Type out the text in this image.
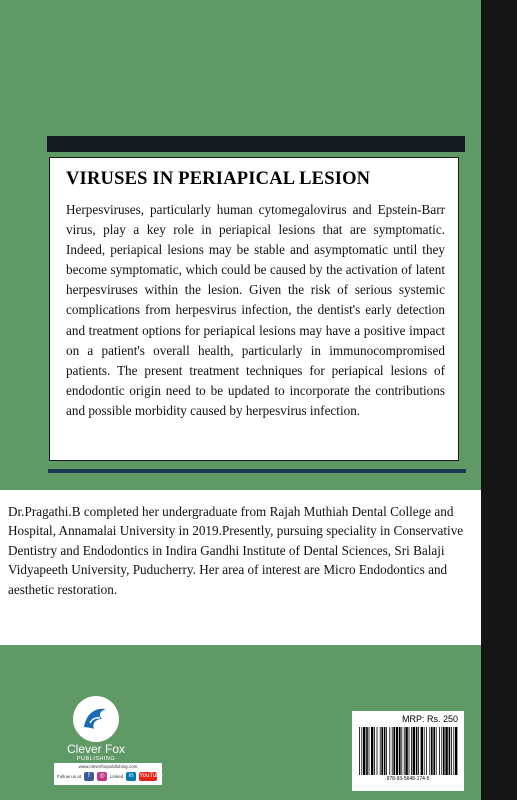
VIRUSES IN PERIAPICAL LESION

Herpesviruses, particularly human cytomegalovirus and Epstein-Barr virus, play a key role in periapical lesions that are symptomatic. Indeed, periapical lesions may be stable and asymptomatic until they become symptomatic, which could be caused by the activation of latent herpesviruses within the lesion. Given the risk of serious systemic complications from herpesvirus infection, the dentist's early detection and treatment options for periapical lesions may have a positive impact on a patient's overall health, particularly in immunocompromised patients. The present treatment techniques for periapical lesions of endodontic origin need to be updated to incorporate the contributions and possible morbidity caused by herpesvirus infection.

Dr.Pragathi.B completed her undergraduate from Rajah Muthiah Dental College and Hospital, Annamalai University in 2019.Presently, pursuing speciality in Conservative Dentistry and Endodontics in Indira Gandhi Institute of Dental Sciences, Sri Balaji Vidyapeeth University, Puducherry. Her area of interest are Micro Endodontics and aesthetic restoration.

Clever Fox
PUBLISHING
www.cleverfoxpublishing.com
Follow us at	f	◎	Linked in YouTube
MRP: Rs. 250
978-93-5648-174-5
